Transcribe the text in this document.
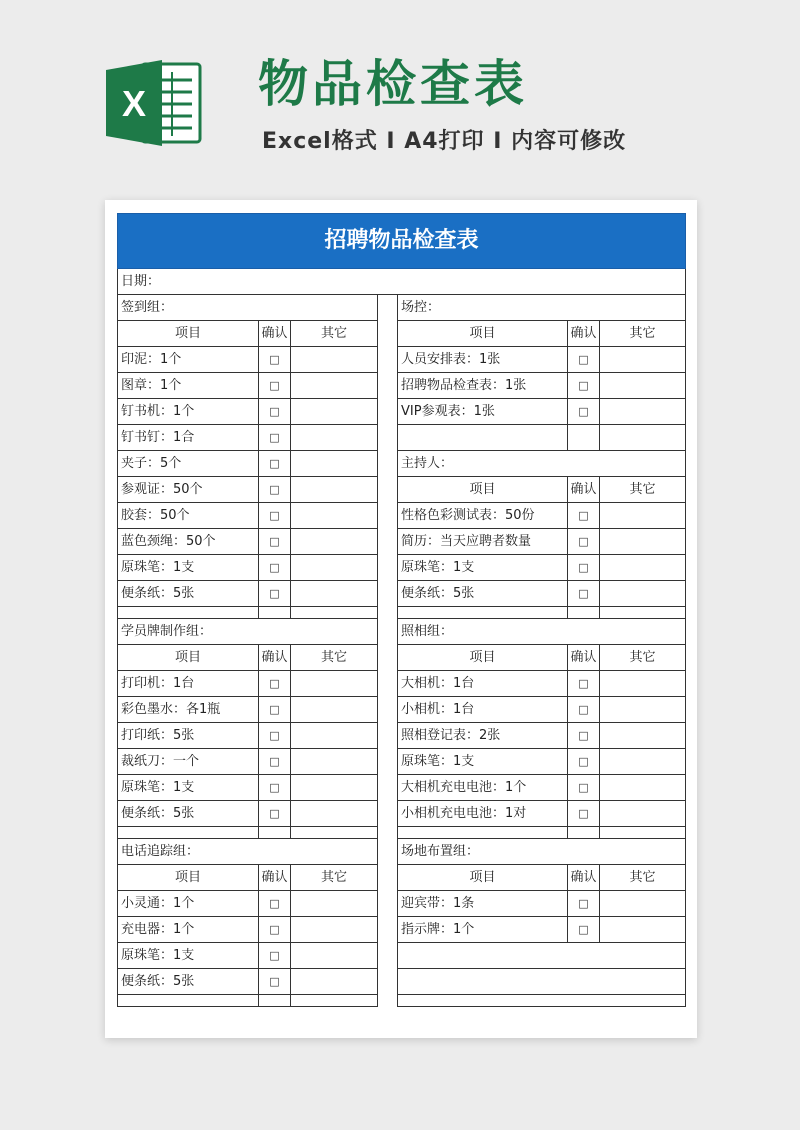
X 物品检查表
Excel格式 Ⅰ A4打印 Ⅰ 内容可修改
招聘物品检查表						
日期：						
签到组：				场控：		
项目	确认	其它		项目	确认	其它
印泥：1个	□			人员安排表：1张	□	
图章：1个	□			招聘物品检查表：1张	□	
钉书机：1个	□			VIP参观表：1张	□	
钉书钉：1合	□					
夹子：5个	□			主持人：		
参观证：50个	□			项目	确认	其它
胶套：50个	□			性格色彩测试表：50份	□	
蓝色颈绳：50个	□			简历：当天应聘者数量	□	
原珠笔：1支	□			原珠笔：1支	□	
便条纸：5张	□			便条纸：5张	□	

学员牌制作组：				照相组：		
项目	确认	其它		项目	确认	其它
打印机：1台	□			大相机：1台	□	
彩色墨水：各1瓶	□			小相机：1台	□	
打印纸：5张	□			照相登记表：2张	□	
裁纸刀：一个	□			原珠笔：1支	□	
原珠笔：1支	□			大相机充电电池：1个	□	
便条纸：5张	□			小相机充电电池：1对	□	

电话追踪组：				场地布置组：		
项目	确认	其它		项目	确认	其它
小灵通：1个	□			迎宾带：1条	□	
充电器：1个	□			指示牌：1个	□	
原珠笔：1支	□					
便条纸：5张	□					
